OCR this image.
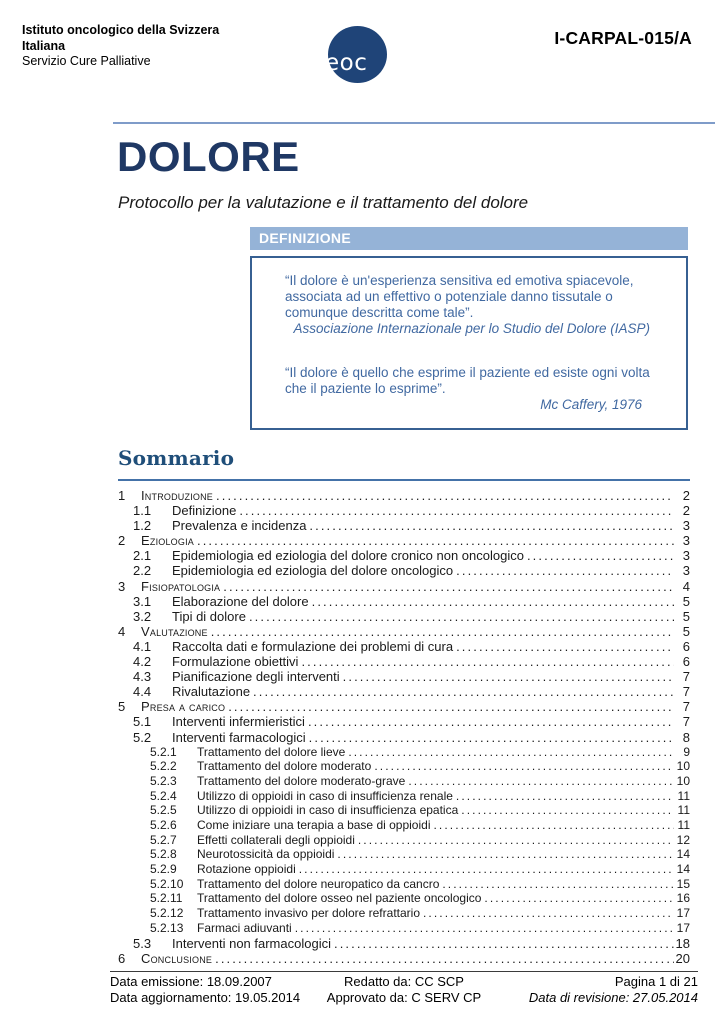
Istituto oncologico della Svizzera
Italiana
Servizio Cure Palliative	eoc
I-CARPAL-015/A
DOLORE
Protocollo per la valutazione e il trattamento del dolore
DEFINIZIONE

“Il dolore è un'esperienza sensitiva ed emotiva spiacevole, associata ad un effettivo o potenziale danno tissutale o comunque descritta come tale”.

Associazione Internazionale per lo Studio del Dolore (IASP)

“Il dolore è quello che esprime il paziente ed esiste ogni volta che il paziente lo esprime”.

Mc Caffery, 1976

Sommario
1	Introduzione .....	2
1.1	Definizione .....	2
1.2	Prevalenza e incidenza .....	3
2	Eziologia .....	3
2.1	Epidemiologia ed eziologia del dolore cronico non oncologico .....	3
2.2	Epidemiologia ed eziologia del dolore oncologico .....	3
3	Fisiopatologia .....	4
3.1	Elaborazione del dolore .....	5
3.2	Tipi di dolore .....	5
4	Valutazione .....	5
4.1	Raccolta dati e formulazione dei problemi di cura .....	6
4.2	Formulazione obiettivi .....	6
4.3	Pianificazione degli interventi .....	7
4.4	Rivalutazione .....	7
5	Presa a carico .....	7
5.1	Interventi infermieristici .....	7
5.2	Interventi farmacologici .....	8
5.2.1	Trattamento del dolore lieve .....	9
5.2.2	Trattamento del dolore moderato .....	10
5.2.3	Trattamento del dolore moderato-grave .....	10
5.2.4	Utilizzo di oppioidi in caso di insufficienza renale .....	11
5.2.5	Utilizzo di oppioidi in caso di insufficienza epatica .....	11
5.2.6	Come iniziare una terapia a base di oppioidi .....	11
5.2.7	Effetti collaterali degli oppioidi .....	12
5.2.8	Neurotossicità da oppioidi .....	14
5.2.9	Rotazione oppioidi .....	14
5.2.10	Trattamento del dolore neuropatico da cancro .....	15
5.2.11	Trattamento del dolore osseo nel paziente oncologico .....	16
5.2.12	Trattamento invasivo per dolore refrattario .....	17
5.2.13	Farmaci adiuvanti .....	17
5.3	Interventi non farmacologici .....	18
6	Conclusione .....	20
Data emissione: 18.09.2007	Redatto da: CC SCP	Pagina 1 di 21
Data aggiornamento: 19.05.2014	Approvato da: C SERV CP	Data di revisione: 27.05.2014
